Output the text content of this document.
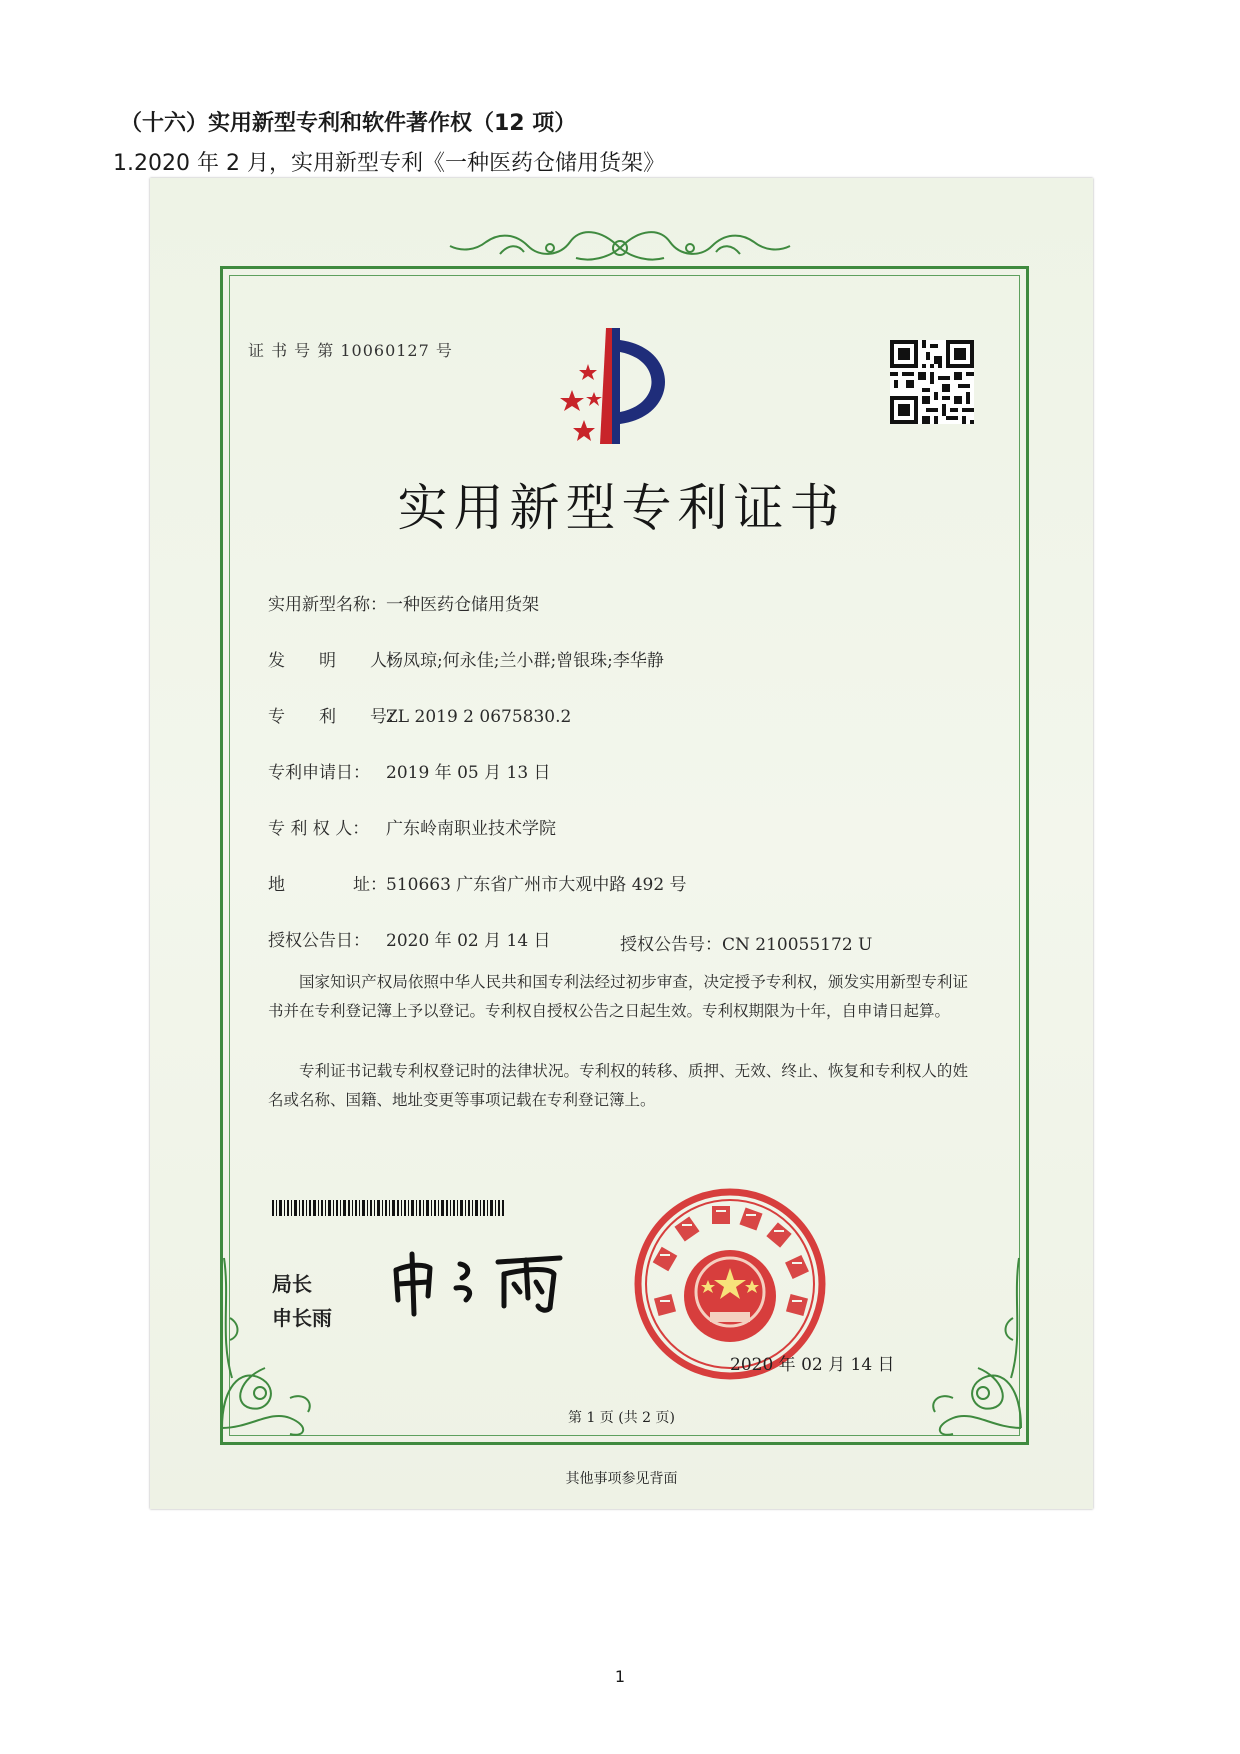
（十六）实用新型专利和软件著作权（12 项）
1.2020 年 2 月，实用新型专利《一种医药仓储用货架》
证 书 号 第 10060127 号
实用新型专利证书
实用新型名称：一种医药仓储用货架
发　　明　　人：杨凤琼;何永佳;兰小群;曾银珠;李华静
专　　利　　号：ZL 2019 2 0675830.2
专利申请日： 2019 年 05 月 13 日
专 利 权 人： 广东岭南职业技术学院
地　　　　址：510663 广东省广州市大观中路 492 号
授权公告日： 2020 年 02 月 14 日	授权公告号：CN 210055172 U
国家知识产权局依照中华人民共和国专利法经过初步审查，决定授予专利权，颁发实用新型专利证书并在专利登记簿上予以登记。专利权自授权公告之日起生效。专利权期限为十年，自申请日起算。
专利证书记载专利权登记时的法律状况。专利权的转移、质押、无效、终止、恢复和专利权人的姓名或名称、国籍、地址变更等事项记载在专利登记簿上。
局长
申长雨
2020 年 02 月 14 日
第 1 页 (共 2 页)
其他事项参见背面
1
